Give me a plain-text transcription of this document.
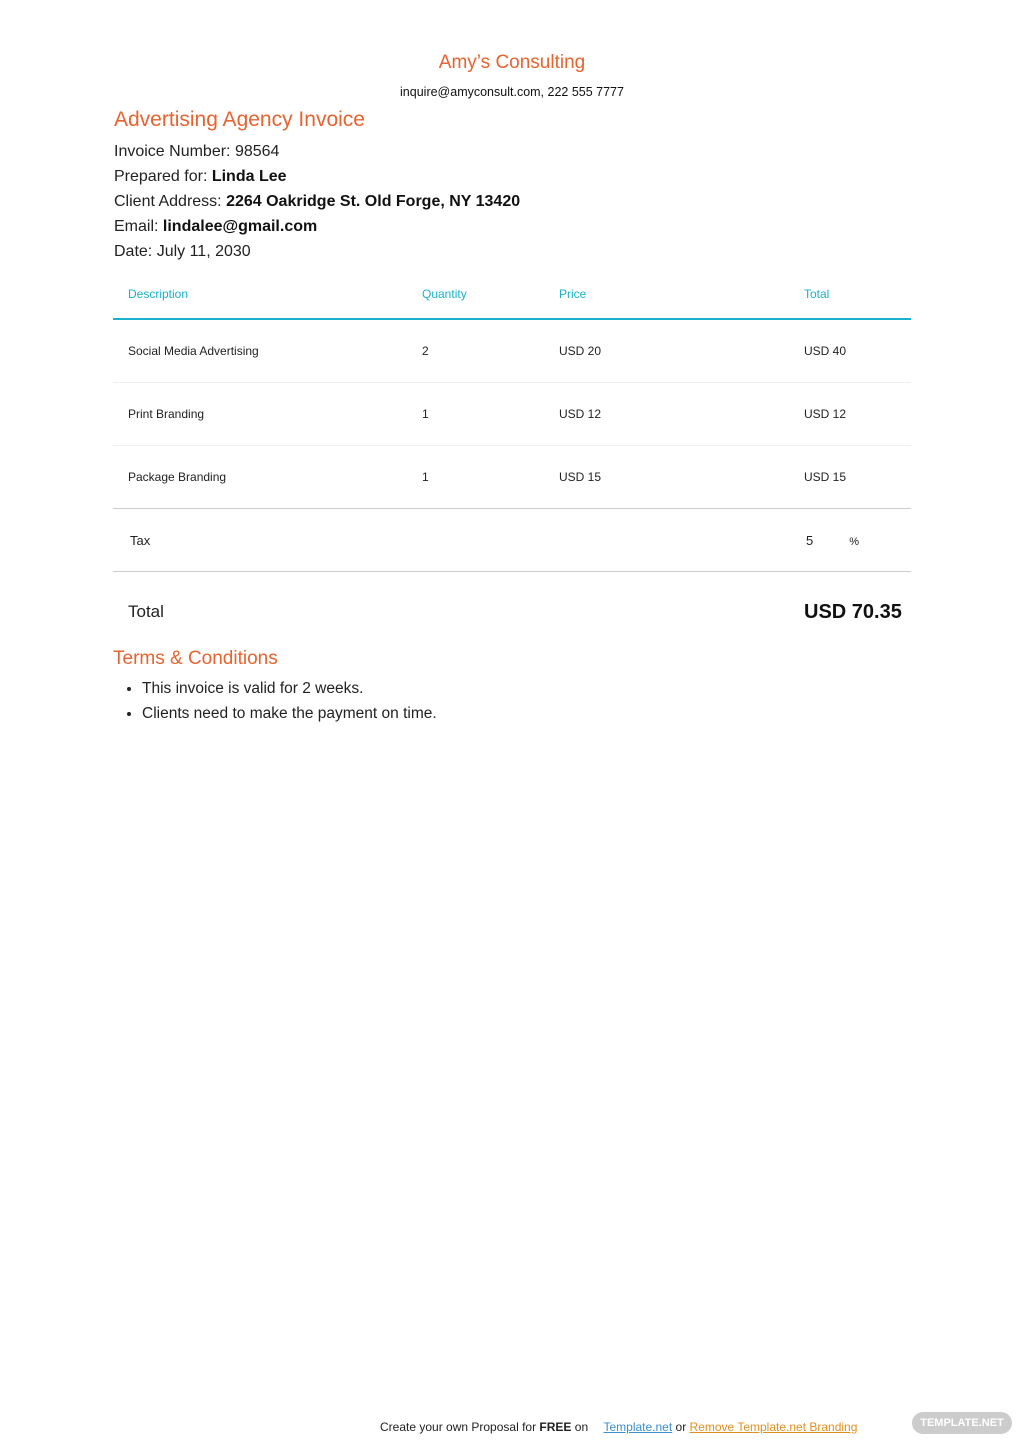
Amy’s Consulting
inquire@amyconsult.com, 222 555 7777
Advertising Agency Invoice
Invoice Number: 98564
Prepared for: Linda Lee
Client Address: 2264 Oakridge St. Old Forge, NY 13420
Email: lindalee@gmail.com
Date: July 11, 2030
Description	Quantity	Price	Total
Social Media Advertising	2	USD 20	USD 40
Print Branding	1	USD 12	USD 12
Package Branding	1	USD 15	USD 15
Tax			5 %
Total			USD 70.35
Terms & Conditions
• This invoice is valid for 2 weeks.
• Clients need to make the payment on time.
Create your own Proposal for FREE on Template.net or Remove Template.net Branding	TEMPLATE.NET
